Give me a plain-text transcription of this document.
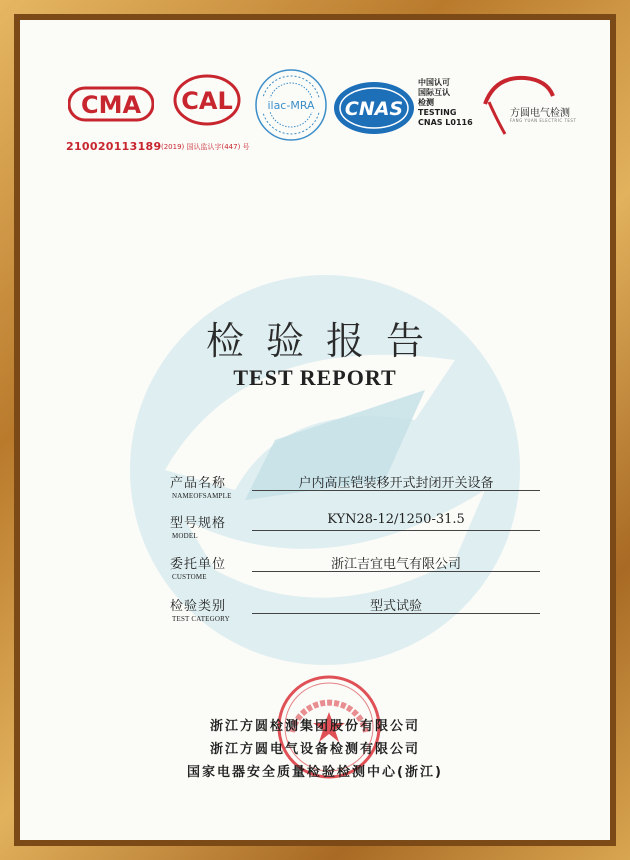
CMA
210020113189
CAL
(2019) 国认监认字(447) 号
ilac-MRA CNAS
中国认可
国际互认
检测
TESTING
CNAS L0116
方圆电气检测
FANG YUAN ELECTRIC TEST
检验报告
TEST REPORT
产品名称	户内高压铠装移开式封闭开关设备
NAMEOFSAMPLE
型号规格	KYN28-12/1250-31.5
MODEL
委托单位	浙江吉宜电气有限公司
CUSTOME
检验类别	型式试验
TEST CATEGORY
浙江方圆检测集团股份有限公司
浙江方圆电气设备检测有限公司
国家电器安全质量检验检测中心(浙江)
